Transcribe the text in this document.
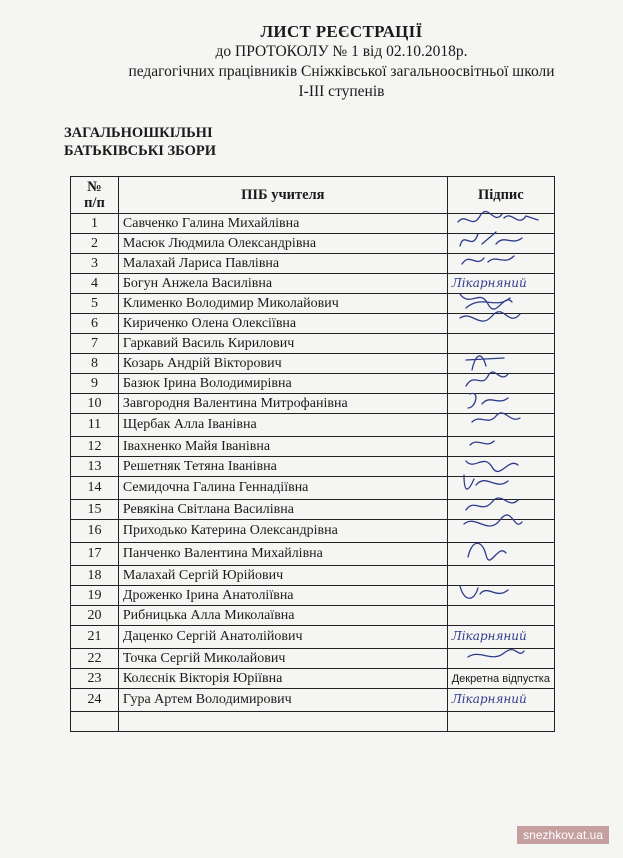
ЛИСТ РЕЄСТРАЦІЇ
до ПРОТОКОЛУ № 1 від 02.10.2018р.
педагогічних працівників Сніжківської загальноосвітньої школи
І-ІІІ ступенів
ЗАГАЛЬНОШКІЛЬНІ
БАТЬКІВСЬКІ ЗБОРИ
№
п/п	ПІБ учителя	Підпис
1	Савченко Галина Михайлівна	

2	Масюк Людмила Олександрівна	

3	Малахай Лариса Павлівна	

4	Богун Анжела Василівна	Лікарняний
5	Клименко Володимир Миколайович	

6	Кириченко Олена Олексіївна	

7	Гаркавий Василь Кирилович	
8	Козарь Андрій Вікторович	

9	Базюк Ірина Володимирівна	

10	Завгородня Валентина Митрофанівна	

11	Щербак Алла Іванівна	

12	Івахненко Майя Іванівна	

13	Решетняк Тетяна Іванівна	

14	Семидочна Галина Геннадіївна	

15	Ревякіна Світлана Василівна	

16	Приходько Катерина Олександрівна	

17	Панченко Валентина Михайлівна	

18	Малахай Сергій Юрійович	
19	Дроженко Ірина Анатоліївна	

20	Рибницька Алла Миколаївна	
21	Даценко Сергій Анатолійович	Лікарняний
22	Точка Сергій Миколайович	

23	Колєснік Вікторія Юріївна	Декретна відпустка
24	Гура Артем Володимирович	Лікарняний

snezhkov.at.ua
